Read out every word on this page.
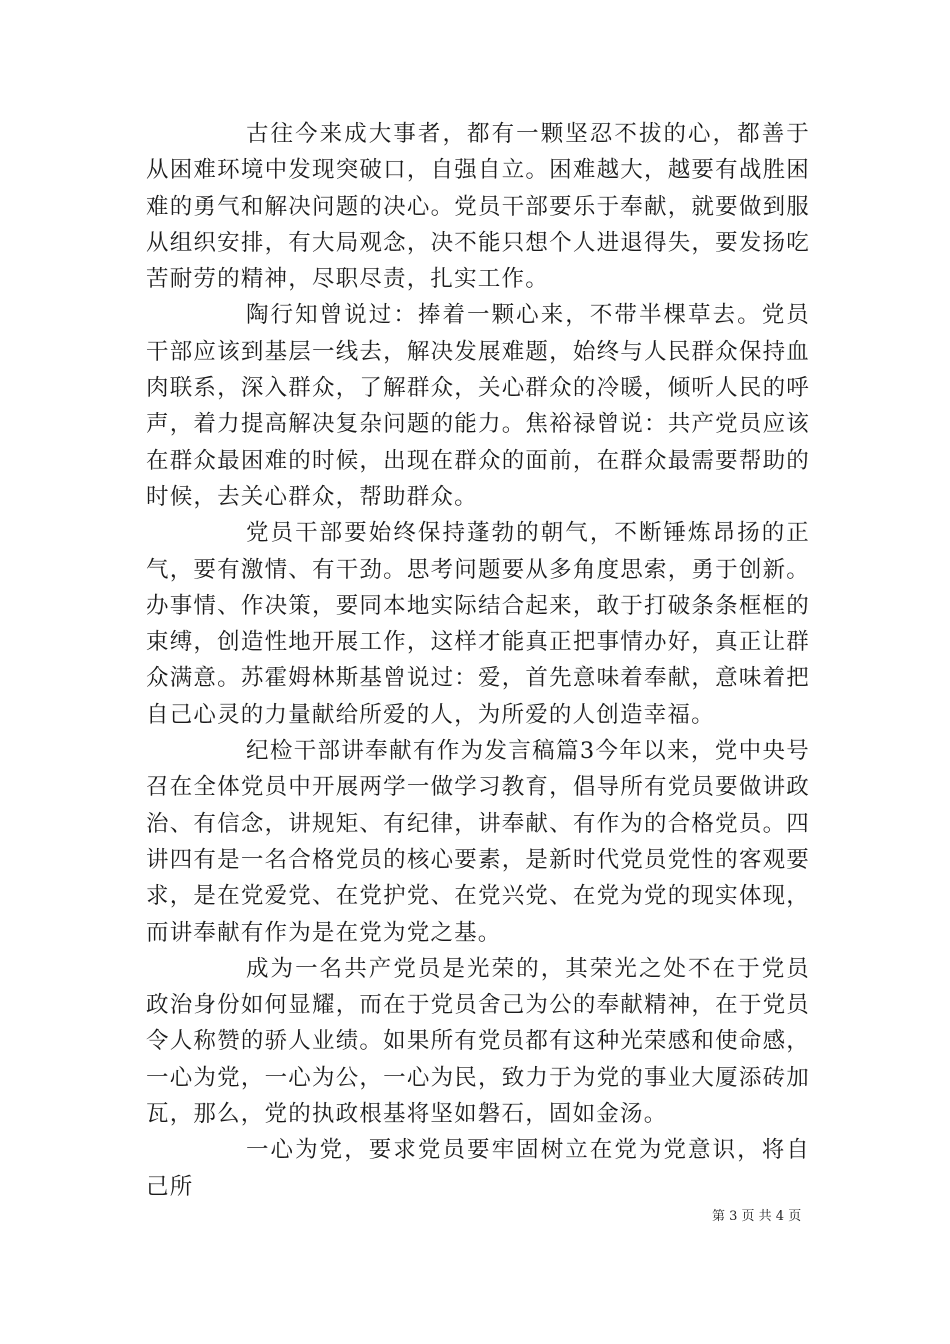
古往今来成大事者，都有一颗坚忍不拔的心，都善于从困难环境中发现突破口，自强自立。困难越大，越要有战胜困难的勇气和解决问题的决心。党员干部要乐于奉献，就要做到服从组织安排，有大局观念，决不能只想个人进退得失，要发扬吃苦耐劳的精神，尽职尽责，扎实工作。

陶行知曾说过：捧着一颗心来，不带半棵草去。党员干部应该到基层一线去，解决发展难题，始终与人民群众保持血肉联系，深入群众，了解群众，关心群众的冷暖，倾听人民的呼声，着力提高解决复杂问题的能力。焦裕禄曾说：共产党员应该在群众最困难的时候，出现在群众的面前，在群众最需要帮助的时候，去关心群众，帮助群众。

党员干部要始终保持蓬勃的朝气，不断锤炼昂扬的正气，要有激情、有干劲。思考问题要从多角度思索，勇于创新。办事情、作决策，要同本地实际结合起来，敢于打破条条框框的束缚，创造性地开展工作，这样才能真正把事情办好，真正让群众满意。苏霍姆林斯基曾说过：爱，首先意味着奉献，意味着把自己心灵的力量献给所爱的人，为所爱的人创造幸福。

纪检干部讲奉献有作为发言稿篇3今年以来，党中央号召在全体党员中开展两学一做学习教育，倡导所有党员要做讲政治、有信念，讲规矩、有纪律，讲奉献、有作为的合格党员。四讲四有是一名合格党员的核心要素，是新时代党员党性的客观要求，是在党爱党、在党护党、在党兴党、在党为党的现实体现，而讲奉献有作为是在党为党之基。

成为一名共产党员是光荣的，其荣光之处不在于党员政治身份如何显耀，而在于党员舍己为公的奉献精神，在于党员令人称赞的骄人业绩。如果所有党员都有这种光荣感和使命感，一心为党，一心为公，一心为民，致力于为党的事业大厦添砖加瓦，那么，党的执政根基将坚如磐石，固如金汤。

一心为党，要求党员要牢固树立在党为党意识，将自己所

第 3 页 共 4 页
